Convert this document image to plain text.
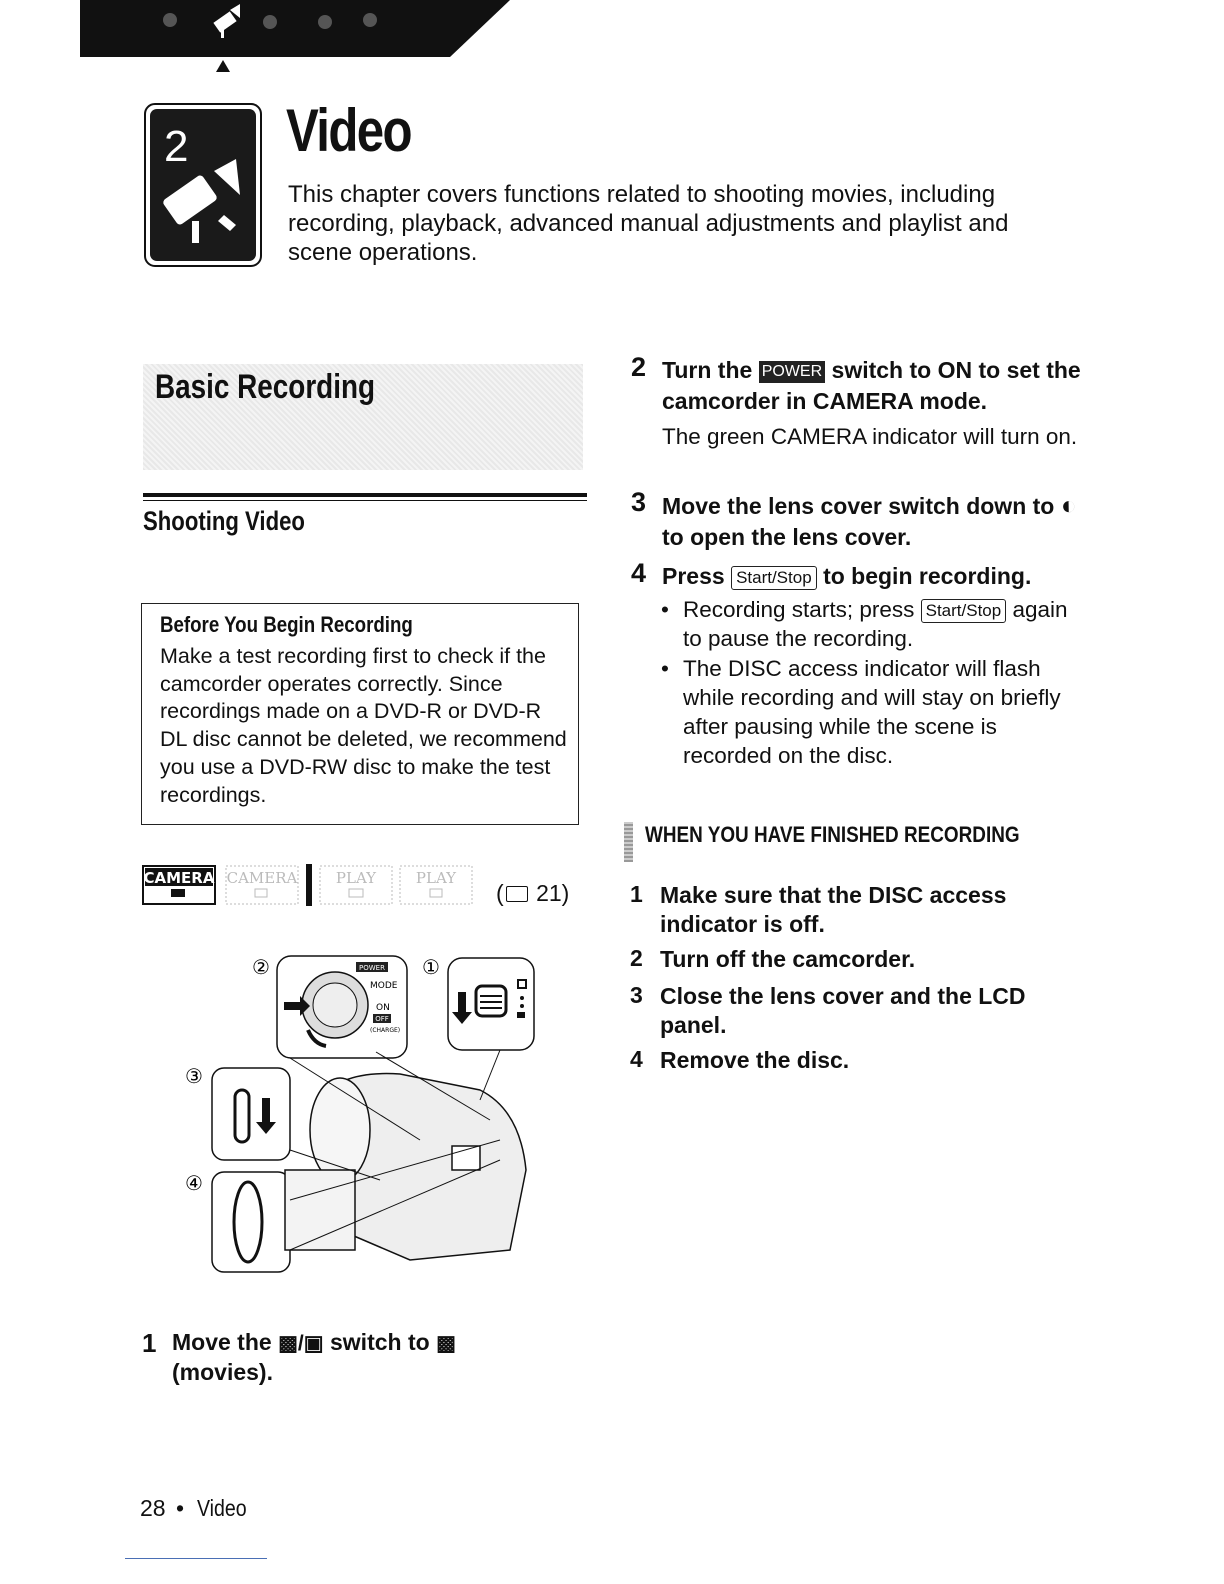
2 Video
This chapter covers functions related to shooting movies, including recording, playback, advanced manual adjustments and playlist and scene operations.
Basic Recording
Shooting Video
Before You Begin Recording
Make a test recording first to check if the camcorder operates correctly. Since recordings made on a DVD-R or DVD-R DL disc cannot be deleted, we recommend you use a DVD-RW disc to make the test recordings.
CAMERA CAMERA	PLAY	PLAY
( 21)
②	①
③
④
POWER
MODE
ON
OFF
(CHARGE)
1 Move the ▩/▣ switch to ▩
(movies).
28 • Video
2 Turn the POWER switch to ON to set the camcorder in CAMERA mode.
The green CAMERA indicator will turn on.
3 Move the lens cover switch down to ◐ to open the lens cover.
4 Press Start/Stop to begin recording.
• Recording starts; press Start/Stop again to pause the recording.
• The DISC access indicator will flash while recording and will stay on briefly after pausing while the scene is recorded on the disc.
WHEN YOU HAVE FINISHED RECORDING
1 Make sure that the DISC access indicator is off.
2 Turn off the camcorder.
3 Close the lens cover and the LCD panel.
4 Remove the disc.
